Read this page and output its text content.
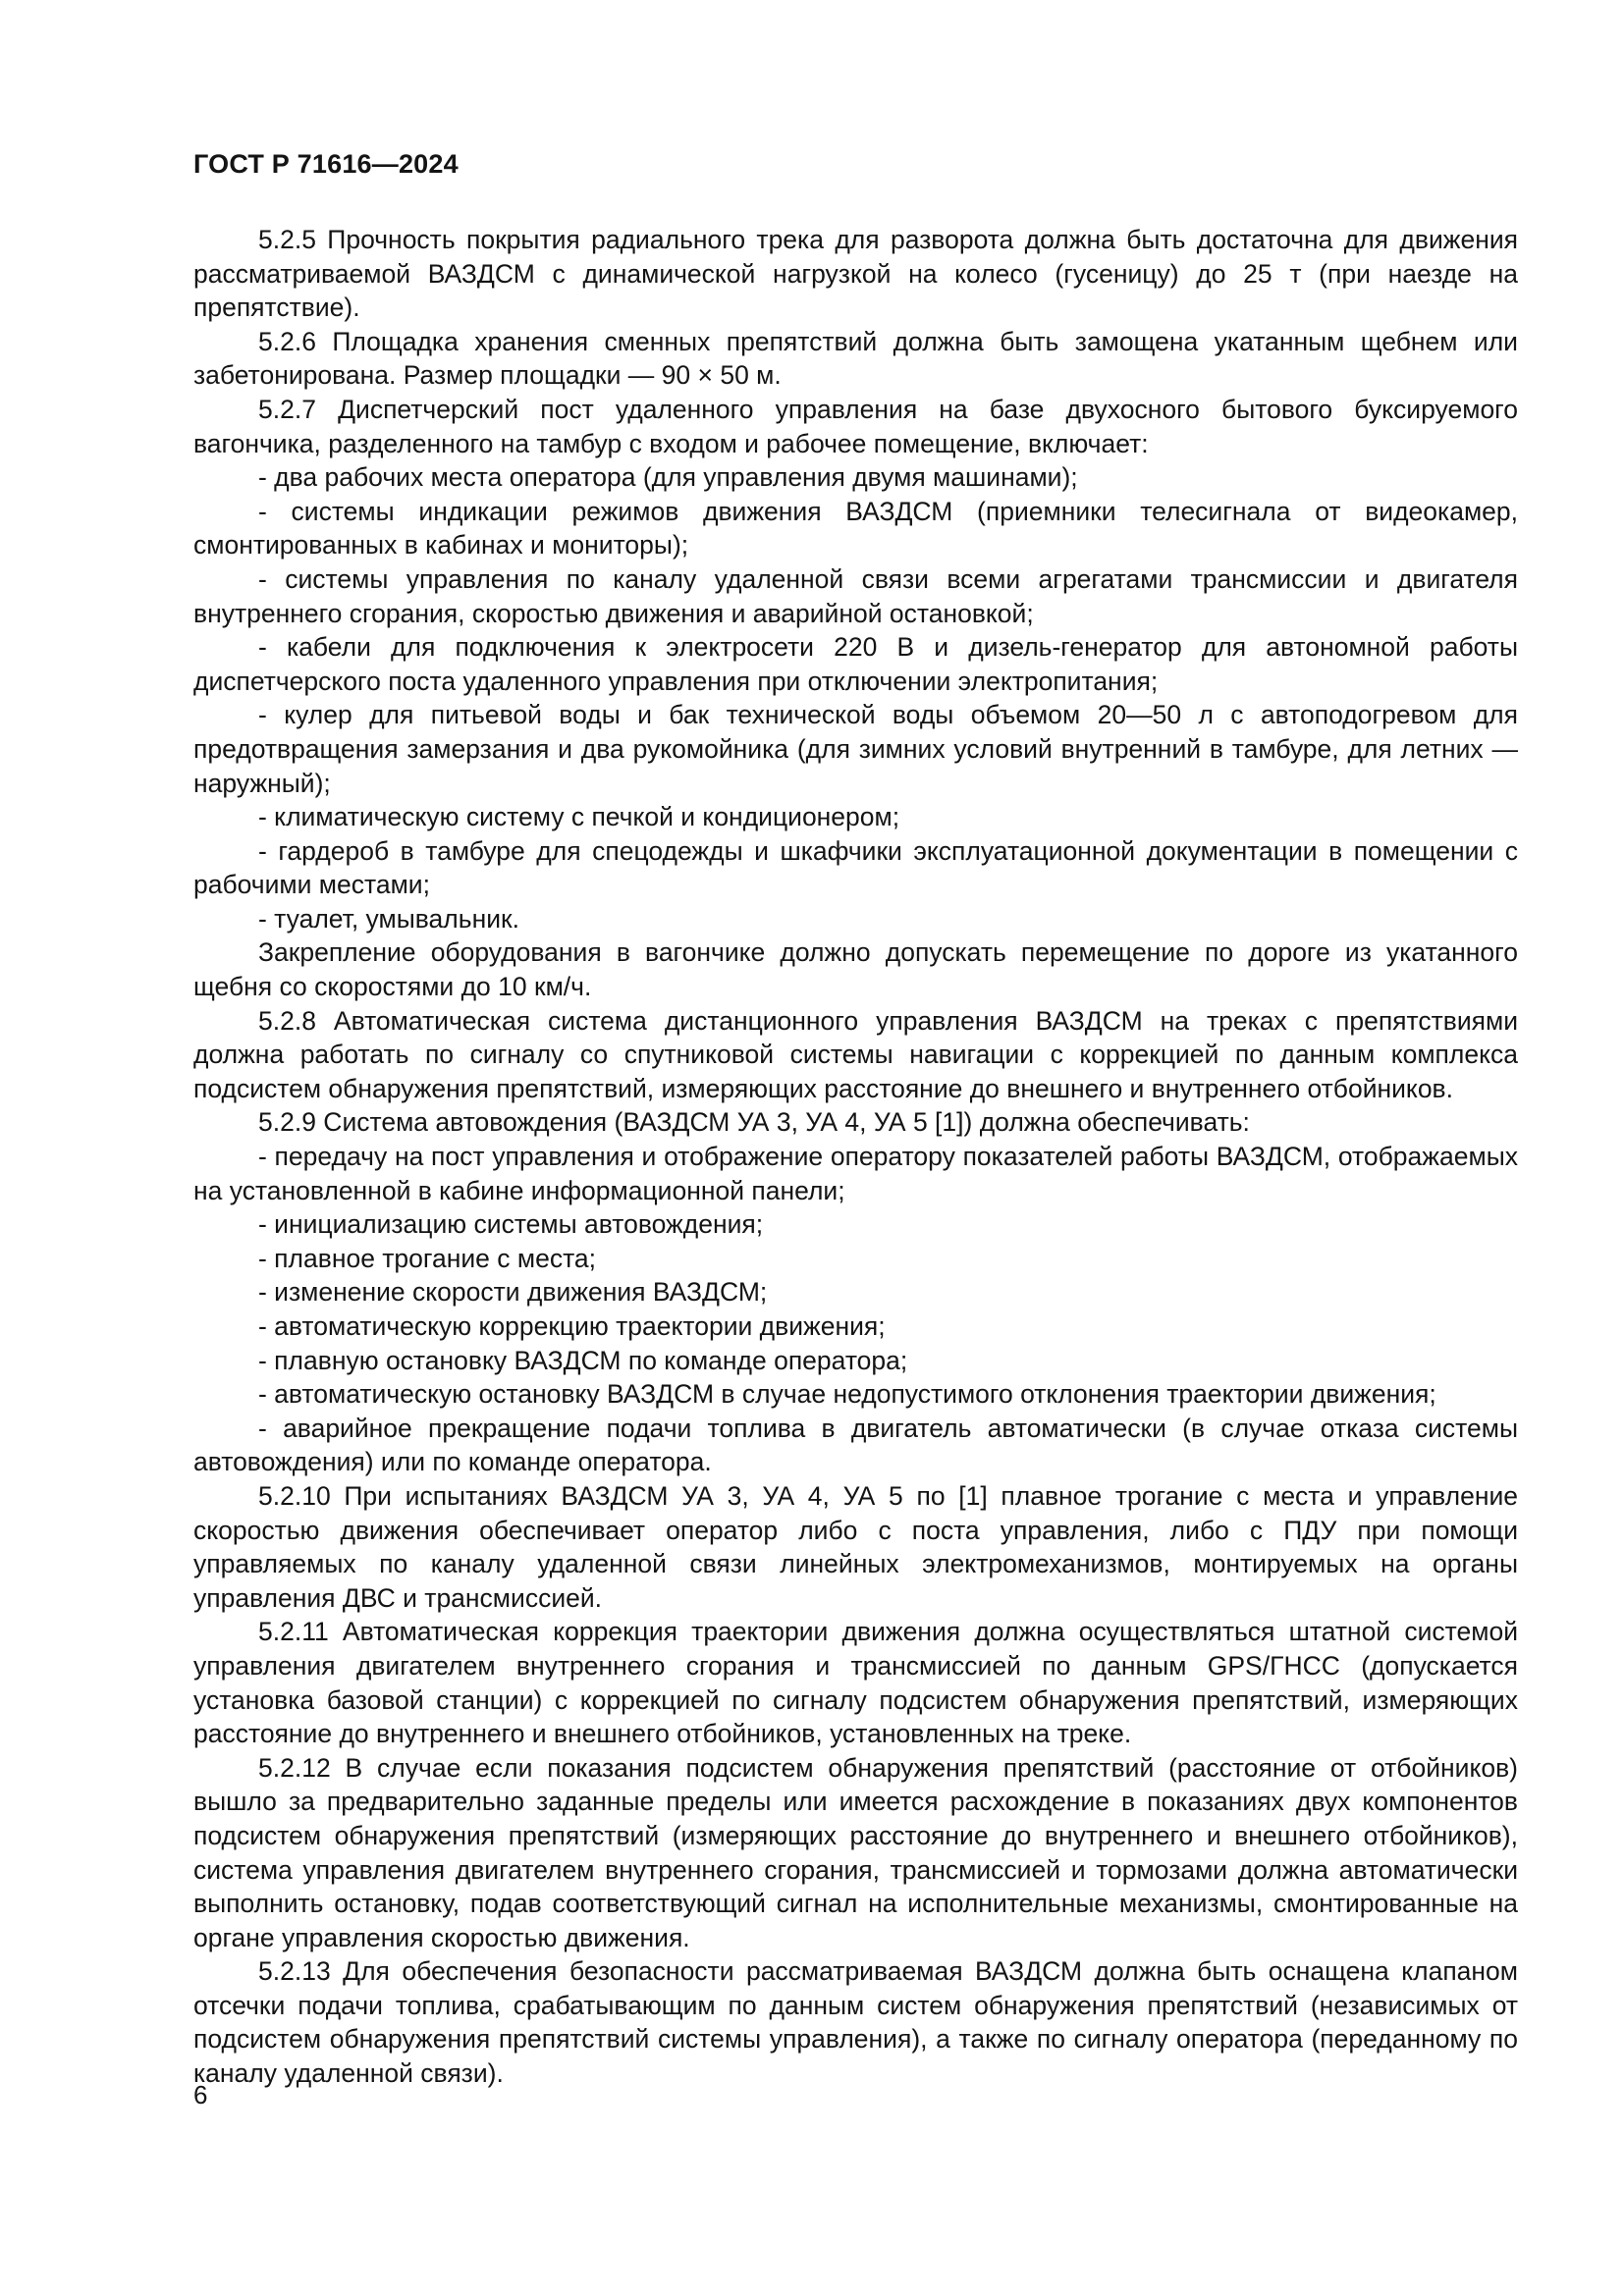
ГОСТ Р 71616—2024

5.2.5 Прочность покрытия радиального трека для разворота должна быть достаточна для движения рассматриваемой ВАЗДСМ с динамической нагрузкой на колесо (гусеницу) до 25 т (при наезде на препятствие).

5.2.6 Площадка хранения сменных препятствий должна быть замощена укатанным щебнем или забетонирована. Размер площадки — 90 × 50 м.

5.2.7 Диспетчерский пост удаленного управления на базе двухосного бытового буксируемого вагончика, разделенного на тамбур с входом и рабочее помещение, включает:

- два рабочих места оператора (для управления двумя машинами);

- системы индикации режимов движения ВАЗДСМ (приемники телесигнала от видеокамер, смонтированных в кабинах и мониторы);

- системы управления по каналу удаленной связи всеми агрегатами трансмиссии и двигателя внутреннего сгорания, скоростью движения и аварийной остановкой;

- кабели для подключения к электросети 220 В и дизель-генератор для автономной работы диспетчерского поста удаленного управления при отключении электропитания;

- кулер для питьевой воды и бак технической воды объемом 20—50 л с автоподогревом для предотвращения замерзания и два рукомойника (для зимних условий внутренний в тамбуре, для летних — наружный);

- климатическую систему с печкой и кондиционером;

- гардероб в тамбуре для спецодежды и шкафчики эксплуатационной документации в помещении с рабочими местами;

- туалет, умывальник.

Закрепление оборудования в вагончике должно допускать перемещение по дороге из укатанного щебня со скоростями до 10 км/ч.

5.2.8 Автоматическая система дистанционного управления ВАЗДСМ на треках с препятствиями должна работать по сигналу со спутниковой системы навигации с коррекцией по данным комплекса подсистем обнаружения препятствий, измеряющих расстояние до внешнего и внутреннего отбойников.

5.2.9 Система автовождения (ВАЗДСМ УА 3, УА 4, УА 5 [1]) должна обеспечивать:

- передачу на пост управления и отображение оператору показателей работы ВАЗДСМ, отображаемых на установленной в кабине информационной панели;

- инициализацию системы автовождения;

- плавное трогание с места;

- изменение скорости движения ВАЗДСМ;

- автоматическую коррекцию траектории движения;

- плавную остановку ВАЗДСМ по команде оператора;

- автоматическую остановку ВАЗДСМ в случае недопустимого отклонения траектории движения;

- аварийное прекращение подачи топлива в двигатель автоматически (в случае отказа системы автовождения) или по команде оператора.

5.2.10 При испытаниях ВАЗДСМ УА 3, УА 4, УА 5 по [1] плавное трогание с места и управление скоростью движения обеспечивает оператор либо с поста управления, либо с ПДУ при помощи управляемых по каналу удаленной связи линейных электромеханизмов, монтируемых на органы управления ДВС и трансмиссией.

5.2.11 Автоматическая коррекция траектории движения должна осуществляться штатной системой управления двигателем внутреннего сгорания и трансмиссией по данным GPS/ГНСС (допускается установка базовой станции) с коррекцией по сигналу подсистем обнаружения препятствий, измеряющих расстояние до внутреннего и внешнего отбойников, установленных на треке.

5.2.12 В случае если показания подсистем обнаружения препятствий (расстояние от отбойников) вышло за предварительно заданные пределы или имеется расхождение в показаниях двух компонентов подсистем обнаружения препятствий (измеряющих расстояние до внутреннего и внешнего отбойников), система управления двигателем внутреннего сгорания, трансмиссией и тормозами должна автоматически выполнить остановку, подав соответствующий сигнал на исполнительные механизмы, смонтированные на органе управления скоростью движения.

5.2.13 Для обеспечения безопасности рассматриваемая ВАЗДСМ должна быть оснащена клапаном отсечки подачи топлива, срабатывающим по данным систем обнаружения препятствий (независимых от подсистем обнаружения препятствий системы управления), а также по сигналу оператора (переданному по каналу удаленной связи).

6
